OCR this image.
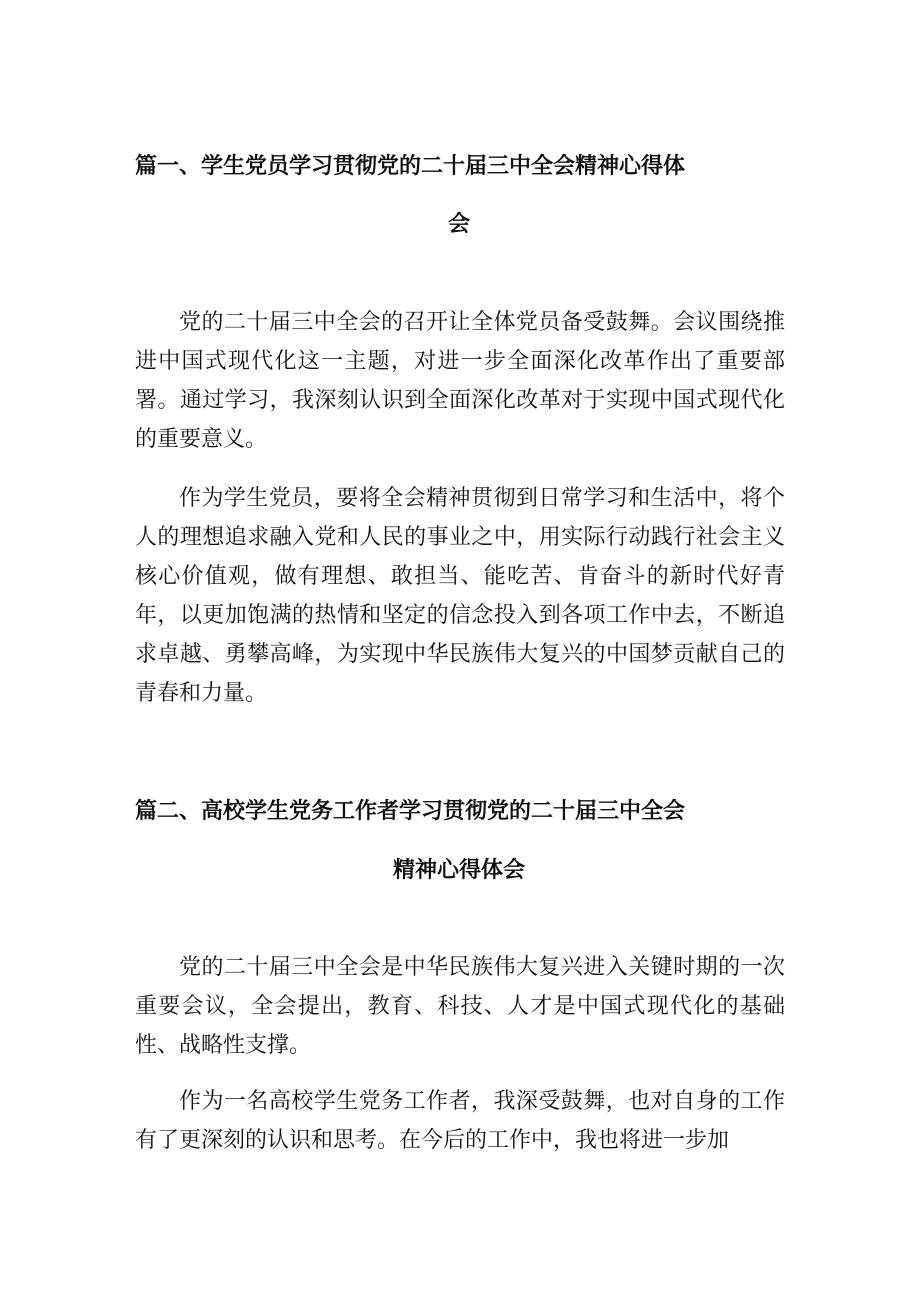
篇一、学生党员学习贯彻党的二十届三中全会精神心得体
会

党的二十届三中全会的召开让全体党员备受鼓舞。会议围绕推进中国式现代化这一主题，对进一步全面深化改革作出了重要部署。通过学习，我深刻认识到全面深化改革对于实现中国式现代化的重要意义。

作为学生党员，要将全会精神贯彻到日常学习和生活中，将个人的理想追求融入党和人民的事业之中，用实际行动践行社会主义核心价值观，做有理想、敢担当、能吃苦、肯奋斗的新时代好青年，以更加饱满的热情和坚定的信念投入到各项工作中去，不断追求卓越、勇攀高峰，为实现中华民族伟大复兴的中国梦贡献自己的青春和力量。

篇二、高校学生党务工作者学习贯彻党的二十届三中全会
精神心得体会

党的二十届三中全会是中华民族伟大复兴进入关键时期的一次重要会议，全会提出，教育、科技、人才是中国式现代化的基础性、战略性支撑。

作为一名高校学生党务工作者，我深受鼓舞，也对自身的工作有了更深刻的认识和思考。在今后的工作中，我也将进一步加
